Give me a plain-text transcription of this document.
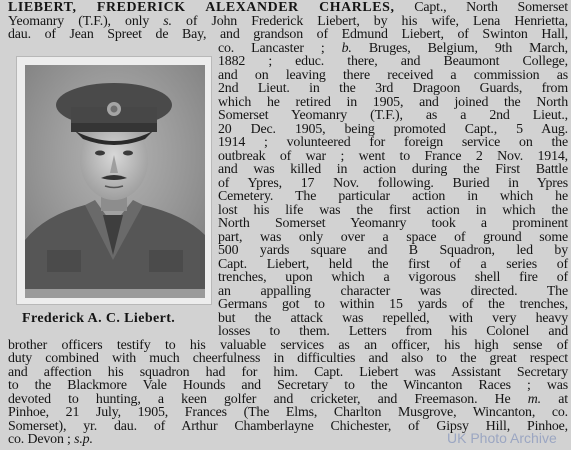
LIEBERT, FREDERICK ALEXANDER CHARLES, Capt., North Somerset
Yeomanry (T.F.), only s. of John Frederick Liebert, by his wife, Lena Henrietta,
dau. of Jean Spreet de Bay, and grandson of Edmund Liebert, of Swinton Hall,
co. Lancaster ; b. Bruges, Belgium, 9th March,
1882 ; educ. there, and Beaumont College,
and on leaving there received a commission as
2nd Lieut. in the 3rd Dragoon Guards, from
which he retired in 1905, and joined the North
Somerset Yeomanry (T.F.), as a 2nd Lieut.,
20 Dec. 1905, being promoted Capt., 5 Aug.
1914 ; volunteered for foreign service on the
outbreak of war ; went to France 2 Nov. 1914,
and was killed in action during the First Battle
of Ypres, 17 Nov. following. Buried in Ypres
Cemetery. The particular action in which he
lost his life was the first action in which the
North Somerset Yeomanry took a prominent
part, was only over a space of ground some
500 yards square and B Squadron, led by
Capt. Liebert, held the first of a series of
trenches, upon which a vigorous shell fire of
an appalling character was directed. The
Germans got to within 15 yards of the trenches,
but the attack was repelled, with very heavy
losses to them. Letters from his Colonel and
brother officers testify to his valuable services as an officer, his high sense of
duty combined with much cheerfulness in difficulties and also to the great respect
and affection his squadron had for him. Capt. Liebert was Assistant Secretary
to the Blackmore Vale Hounds and Secretary to the Wincanton Races ; was
devoted to hunting, a keen golfer and cricketer, and Freemason. He m. at
Pinhoe, 21 July, 1905, Frances (The Elms, Charlton Musgrove, Wincanton, co.
Somerset), yr. dau. of Arthur Chamberlayne Chichester, of Gipsy Hill, Pinhoe,
co. Devon ; s.p.
Frederick A. C. Liebert.
UK Photo Archive
